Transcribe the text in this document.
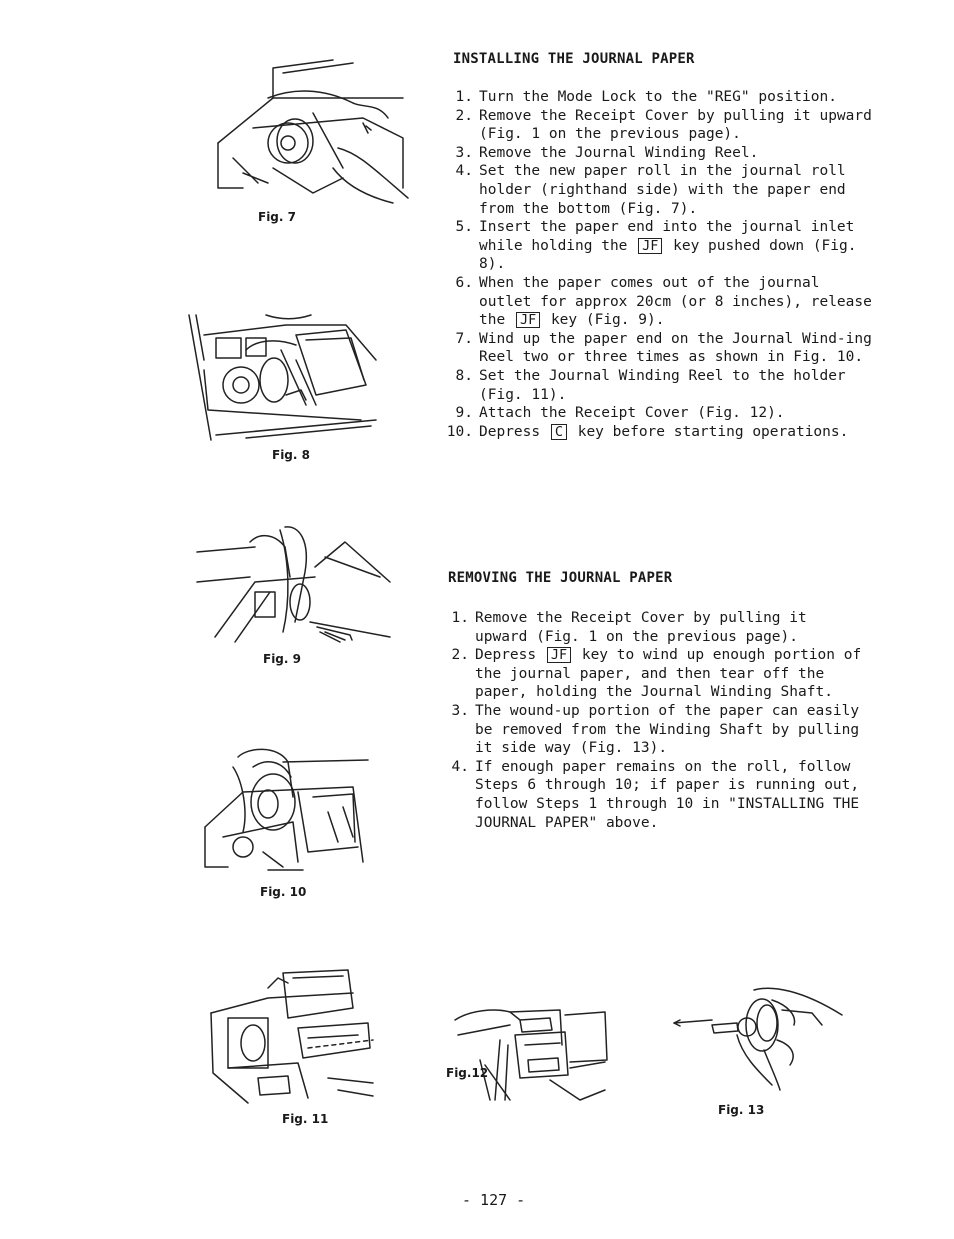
Fig. 7
Fig. 8
Fig. 9
Fig. 10
Fig. 11
Fig.12
Fig. 13
INSTALLING THE JOURNAL PAPER
1. Turn the Mode Lock to the "REG" position.
2. Remove the Receipt Cover by pulling it upward (Fig. 1 on the previous page).
3. Remove the Journal Winding Reel.
4. Set the new paper roll in the journal roll holder (righthand side) with the paper end from the bottom (Fig. 7).
5. Insert the paper end into the journal inlet while holding the JF key pushed down (Fig. 8).
6. When the paper comes out of the journal outlet for approx 20cm (or 8 inches), release the JF key (Fig. 9).
7. Wind up the paper end on the Journal Wind-ing Reel two or three times as shown in Fig. 10.
8. Set the Journal Winding Reel to the holder (Fig. 11).
9. Attach the Receipt Cover (Fig. 12).
10. Depress C key before starting operations.
REMOVING THE JOURNAL PAPER
1. Remove the Receipt Cover by pulling it upward (Fig. 1 on the previous page).
2. Depress JF key to wind up enough portion of the journal paper, and then tear off the paper, holding the Journal Winding Shaft.
3. The wound-up portion of the paper can easily be removed from the Winding Shaft by pulling it side way (Fig. 13).
4. If enough paper remains on the roll, follow Steps 6 through 10; if paper is running out, follow Steps 1 through 10 in "INSTALLING THE JOURNAL PAPER" above.
- 127 -
